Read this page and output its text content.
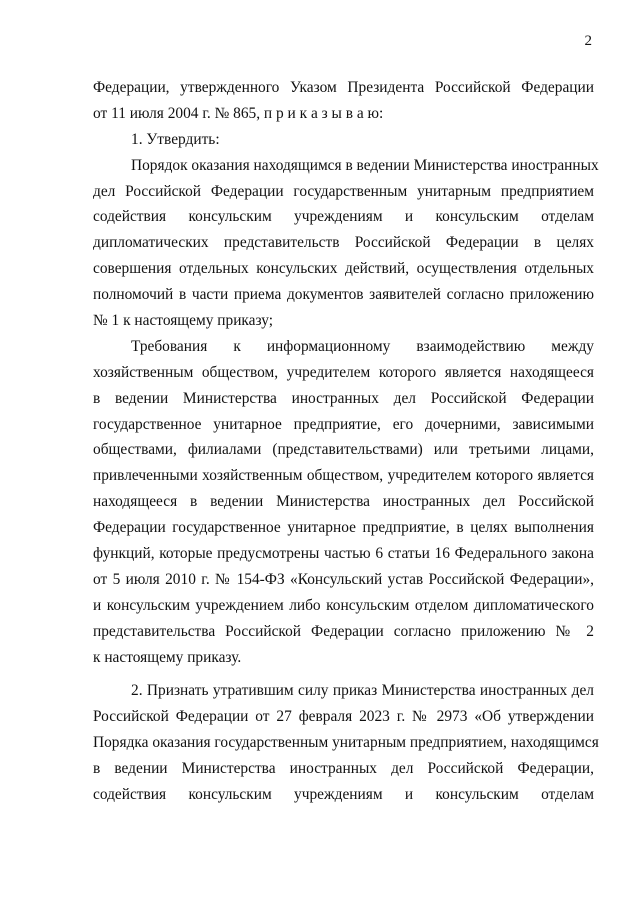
2
Федерации, утвержденного Указом Президента Российской Федерации
от 11 июля 2004 г. № 865, п р и к а з ы в а ю:
1. Утвердить:
Порядок оказания находящимся в ведении Министерства иностранных
дел Российской Федерации государственным унитарным предприятием
содействия консульским учреждениям и консульским отделам
дипломатических представительств Российской Федерации в целях
совершения отдельных консульских действий, осуществления отдельных
полномочий в части приема документов заявителей согласно приложению
№ 1 к настоящему приказу;
Требования к информационному взаимодействию между
хозяйственным обществом, учредителем которого является находящееся
в ведении Министерства иностранных дел Российской Федерации
государственное унитарное предприятие, его дочерними, зависимыми
обществами, филиалами (представительствами) или третьими лицами,
привлеченными хозяйственным обществом, учредителем которого является
находящееся в ведении Министерства иностранных дел Российской
Федерации государственное унитарное предприятие, в целях выполнения
функций, которые предусмотрены частью 6 статьи 16 Федерального закона
от 5 июля 2010 г. № 154-ФЗ «Консульский устав Российской Федерации»,
и консульским учреждением либо консульским отделом дипломатического
представительства Российской Федерации согласно приложению № 2
к настоящему приказу.
2. Признать утратившим силу приказ Министерства иностранных дел
Российской Федерации от 27 февраля 2023 г. № 2973 «Об утверждении
Порядка оказания государственным унитарным предприятием, находящимся
в ведении Министерства иностранных дел Российской Федерации,
содействия консульским учреждениям и консульским отделам
